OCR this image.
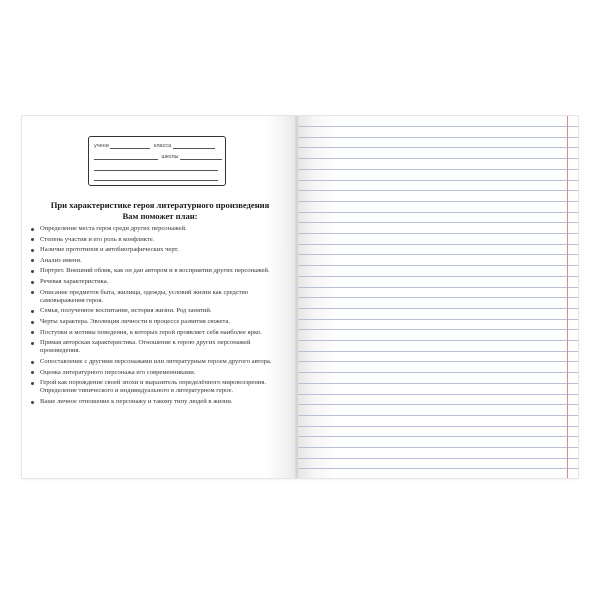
учени	класса
школы
При характеристике героя литературного произведения
Вам поможет план:
Определение места героя среди других персонажей.
Степень участия и его роль в конфликте.
Наличие прототипов и автобиографических черт.
Анализ имени.
Портрет. Внешний облик, как он дан автором и в восприятии других персонажей.
Речевая характеристика.
Описание предметов быта, жилища, одежды, условий жизни как средство самовыражения героя.
Семья, полученное воспитание, история жизни. Род занятий.
Черты характера. Эволюция личности в процессе развития сюжета.
Поступки и мотивы поведения, в которых герой проявляет себя наиболее ярко.
Прямая авторская характеристика. Отношение к герою других персонажей произведения.
Сопоставление с другими персонажами или литературным героем другого автора.
Оценка литературного персонажа его современниками.
Герой как порождение своей эпохи и выразитель определённого мировоззрения. Определение типического и индивидуального в литературном герое.
Ваше личное отношение к персонажу и такому типу людей в жизни.
